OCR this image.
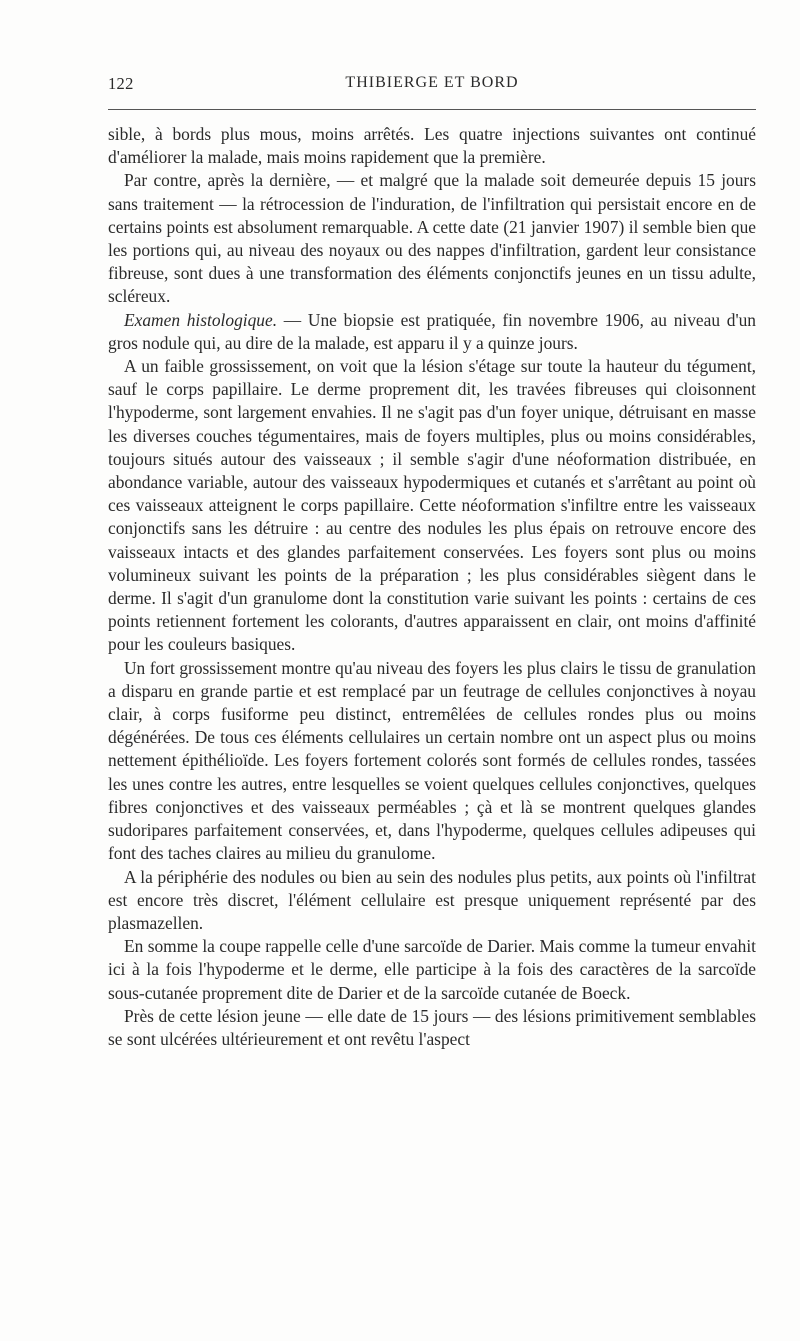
122	THIBIERGE ET BORD

sible, à bords plus mous, moins arrêtés. Les quatre injections suivantes ont continué d'améliorer la malade, mais moins rapidement que la première.

Par contre, après la dernière, — et malgré que la malade soit demeurée depuis 15 jours sans traitement — la rétrocession de l'induration, de l'infiltration qui persistait encore en de certains points est absolument remarquable. A cette date (21 janvier 1907) il semble bien que les portions qui, au niveau des noyaux ou des nappes d'infiltration, gardent leur consistance fibreuse, sont dues à une transformation des éléments conjonctifs jeunes en un tissu adulte, scléreux.

Examen histologique. — Une biopsie est pratiquée, fin novembre 1906, au niveau d'un gros nodule qui, au dire de la malade, est apparu il y a quinze jours.

A un faible grossissement, on voit que la lésion s'étage sur toute la hauteur du tégument, sauf le corps papillaire. Le derme proprement dit, les travées fibreuses qui cloisonnent l'hypoderme, sont largement envahies. Il ne s'agit pas d'un foyer unique, détruisant en masse les diverses couches tégumentaires, mais de foyers multiples, plus ou moins considérables, toujours situés autour des vaisseaux ; il semble s'agir d'une néoformation distribuée, en abondance variable, autour des vaisseaux hypodermiques et cutanés et s'arrêtant au point où ces vaisseaux atteignent le corps papillaire. Cette néoformation s'infiltre entre les vaisseaux conjonctifs sans les détruire : au centre des nodules les plus épais on retrouve encore des vaisseaux intacts et des glandes parfaitement conservées. Les foyers sont plus ou moins volumineux suivant les points de la préparation ; les plus considérables siègent dans le derme. Il s'agit d'un granulome dont la constitution varie suivant les points : certains de ces points retiennent fortement les colorants, d'autres apparaissent en clair, ont moins d'affinité pour les couleurs basiques.

Un fort grossissement montre qu'au niveau des foyers les plus clairs le tissu de granulation a disparu en grande partie et est remplacé par un feutrage de cellules conjonctives à noyau clair, à corps fusiforme peu distinct, entremêlées de cellules rondes plus ou moins dégénérées. De tous ces éléments cellulaires un certain nombre ont un aspect plus ou moins nettement épithélioïde. Les foyers fortement colorés sont formés de cellules rondes, tassées les unes contre les autres, entre lesquelles se voient quelques cellules conjonctives, quelques fibres conjonctives et des vaisseaux perméables ; çà et là se montrent quelques glandes sudoripares parfaitement conservées, et, dans l'hypoderme, quelques cellules adipeuses qui font des taches claires au milieu du granulome.

A la périphérie des nodules ou bien au sein des nodules plus petits, aux points où l'infiltrat est encore très discret, l'élément cellulaire est presque uniquement représenté par des plasmazellen.

En somme la coupe rappelle celle d'une sarcoïde de Darier. Mais comme la tumeur envahit ici à la fois l'hypoderme et le derme, elle participe à la fois des caractères de la sarcoïde sous-cutanée proprement dite de Darier et de la sarcoïde cutanée de Boeck.

Près de cette lésion jeune — elle date de 15 jours — des lésions primitivement semblables se sont ulcérées ultérieurement et ont revêtu l'aspect
